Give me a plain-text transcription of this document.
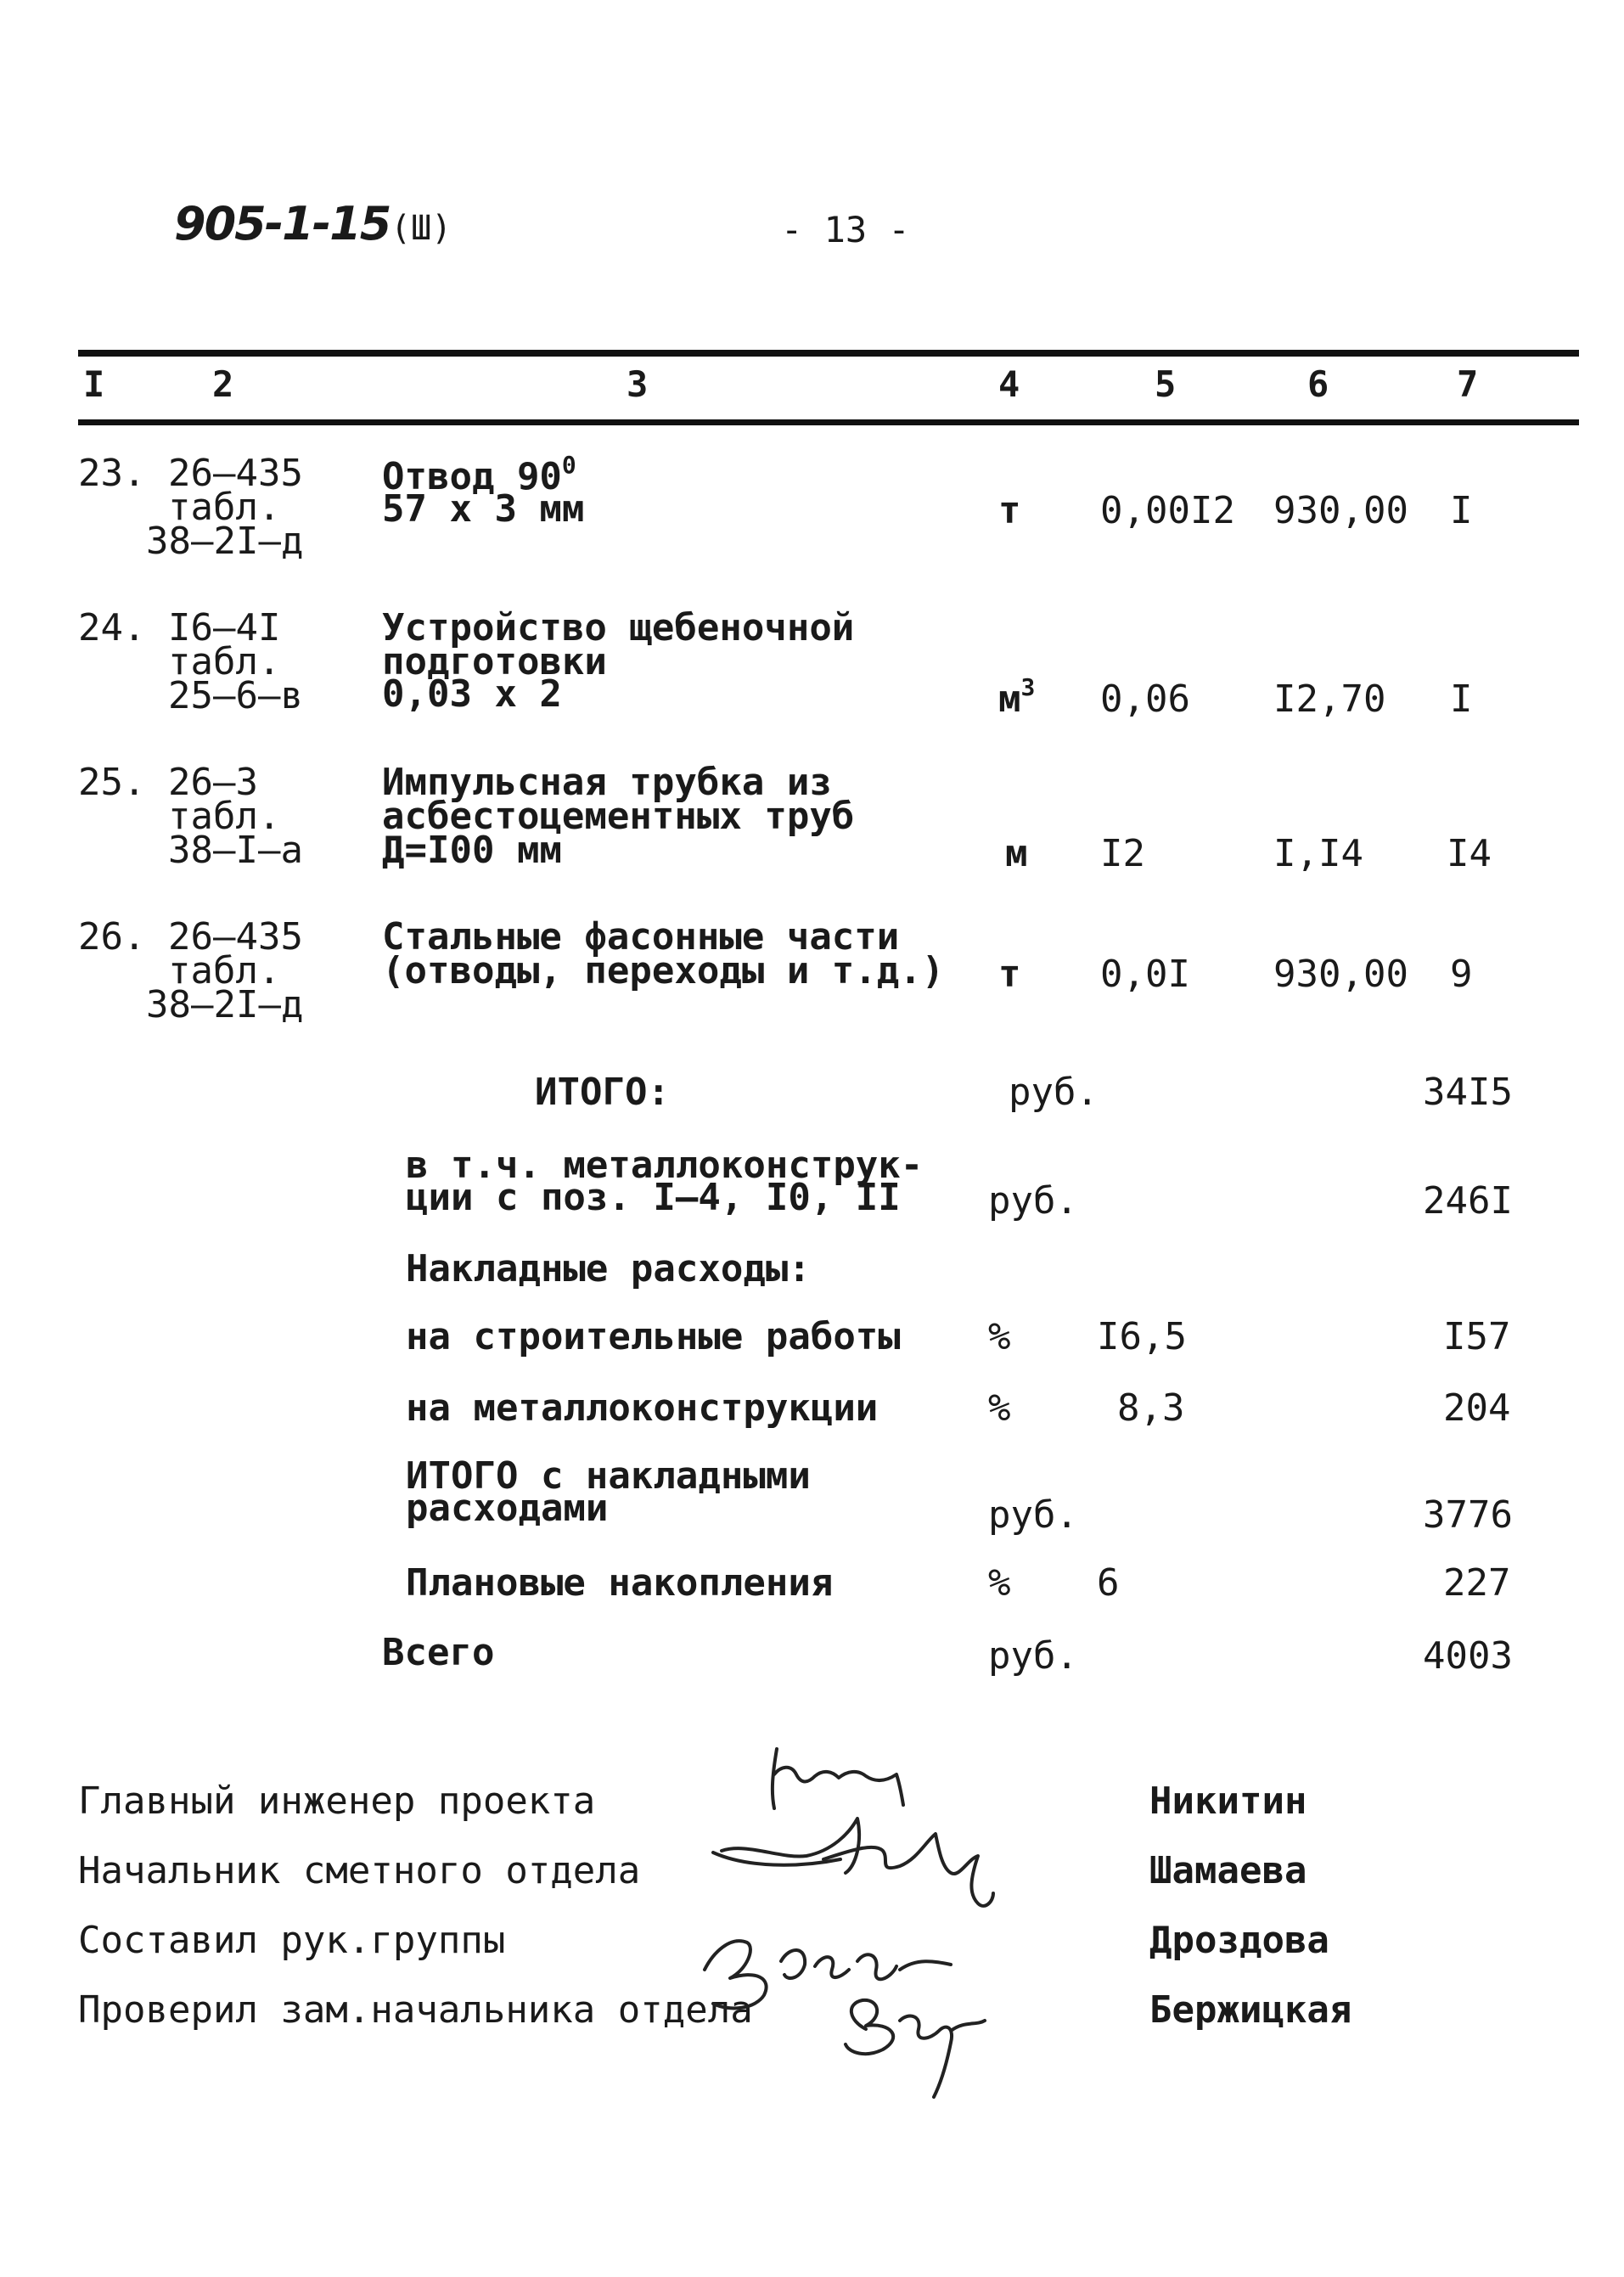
905-1-15 (Ш)	- 13 -
I	2	3	4	5	6	7
23. 26–435
табл.
38–2I–д
Отвод $90^0$
57 х 3 мм	т 0,00I2 930,00 I
24. I6–4I
табл.
25–6–в
Устройство щебеночной
подготовки
0,03 х 2	$м^3$ 0,06 I2,70 I
25. 26–3
табл.
38–I–а
Импульсная трубка из
асбестоцементных труб
Д=I00 мм	м I2	I,I4 I4
26. 26–435
табл.
38–2I–д
Стальные фасонные части
(отводы, переходы и т.д.) т 0,0I 930,00 9
ИТОГО:	руб.	34I5
в т.ч. металлоконструк-
ции с поз. I–4, I0, II руб.	246I
Накладные расходы:
на строительные работы % I6,5	I57
на металлоконструкции	%	8,3	204
ИТОГО с накладными
расходами	руб.	3776
Плановые накопления	% 6	227
Всего	руб.	4003
Главный инженер проекта	Никитин
Начальник сметного отдела	Шамаева
Составил рук.группы	Дроздова
Проверил зам.начальника отдела	Бержицкая
